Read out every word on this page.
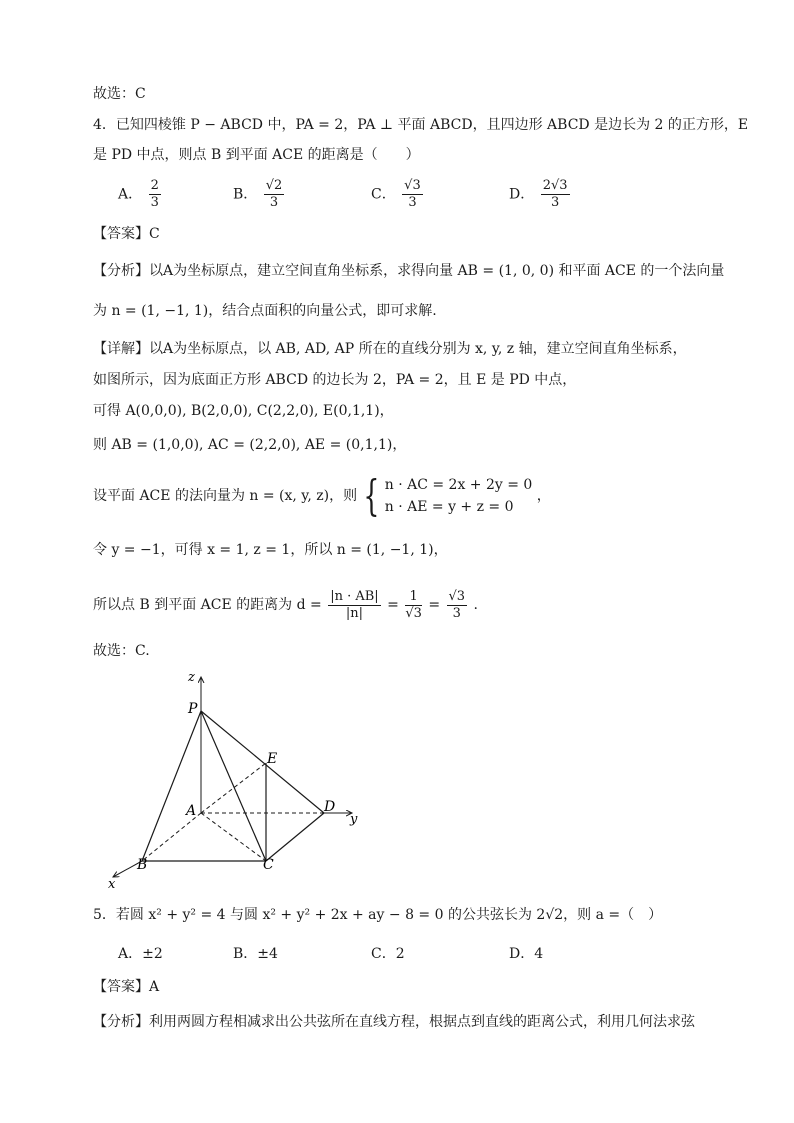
故选：C
4．已知四棱锥 P − ABCD 中，PA = 2，PA ⊥ 平面 ABCD，且四边形 ABCD 是边长为 2 的正方形，E
是 PD 中点，则点 B 到平面 ACE 的距离是（　　）
A． $\frac{2}{3}$	B． $\frac{√2}{3}$	C． $\frac{√3}{3}$	D． $\frac{2√3}{3}$
【答案】C
【分析】以A为坐标原点，建立空间直角坐标系，求得向量 AB = (1, 0, 0) 和平面 ACE 的一个法向量
为 n = (1, −1, 1)，结合点面积的向量公式，即可求解.
【详解】以A为坐标原点，以 AB, AD, AP 所在的直线分别为 x, y, z 轴，建立空间直角坐标系，
如图所示，因为底面正方形 ABCD 的边长为 2，PA = 2，且 E 是 PD 中点，
可得 A(0,0,0), B(2,0,0), C(2,2,0), E(0,1,1)，
则 AB = (1,0,0), AC = (2,2,0), AE = (0,1,1)，
设平面 ACE 的法向量为 n = (x, y, z)，则 { n · AC = 2x + 2y = 0
n · AE = y + z = 0
，
令 y = −1，可得 x = 1, z = 1，所以 n = (1, −1, 1)，
所以点 B 到平面 ACE 的距离为 $d = \frac{|n \cdot AB|}{|n|} = \frac{1}{√3} = \frac{√3}{3}$ .
故选：C.
z
P
E
A	D
y
B	C
x
5．若圆 x² + y² = 4 与圆 x² + y² + 2x + ay − 8 = 0 的公共弦长为 2√2，则 a =（　）
A．±2	B．±4	C．2	D．4
【答案】A
【分析】利用两圆方程相减求出公共弦所在直线方程，根据点到直线的距离公式，利用几何法求弦
